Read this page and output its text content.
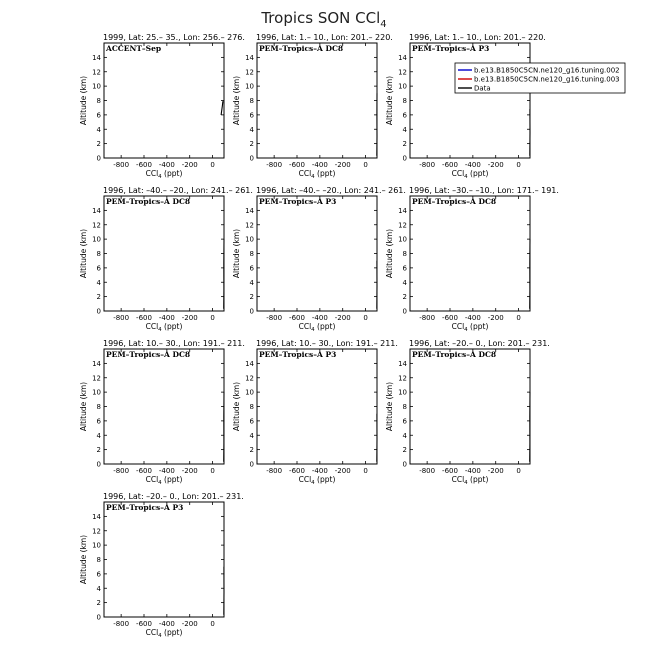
Tropics SON CCl$_4$
1999, Lat: 25.– 35., Lon: 256.– 276.
ACCENT–Sep
-800 -600 -400 -200 0
0
2
4
6
8
10
12
14
CCl$_4$ (ppt)
Altitude (km)
1996, Lat: 1.– 10., Lon: 201.– 220.
PEM–Tropics–A DC8
-800 -600 -400 -200 0
0
2
4
6
8
10
12
14
CCl$_4$ (ppt)
Altitude (km)
1996, Lat: 1.– 10., Lon: 201.– 220.
PEM–Tropics–A P3
-800 -600 -400 -200 0
0
2
4
6
8
10
12
14
CCl$_4$ (ppt)
Altitude (km)
1996, Lat: –40.– –20., Lon: 241.– 261.
PEM–Tropics–A DC8
-800 -600 -400 -200 0
0
2
4
6
8
10
12
14
CCl$_4$ (ppt)
Altitude (km)
1996, Lat: –40.– –20., Lon: 241.– 261.
PEM–Tropics–A P3
-800 -600 -400 -200 0
0
2
4
6
8
10
12
14
CCl$_4$ (ppt)
Altitude (km)
1996, Lat: –30.– –10., Lon: 171.– 191.
PEM–Tropics–A DC8
-800 -600 -400 -200 0
0
2
4
6
8
10
12
14
CCl$_4$ (ppt)
Altitude (km)
1996, Lat: 10.– 30., Lon: 191.– 211.
PEM–Tropics–A DC8
-800 -600 -400 -200 0
0
2
4
6
8
10
12
14
CCl$_4$ (ppt)
Altitude (km)
1996, Lat: 10.– 30., Lon: 191.– 211.
PEM–Tropics–A P3
-800 -600 -400 -200 0
0
2
4
6
8
10
12
14
CCl$_4$ (ppt)
Altitude (km)
1996, Lat: –20.– 0., Lon: 201.– 231.
PEM–Tropics–A DC8
-800 -600 -400 -200 0
0
2
4
6
8
10
12
14
CCl$_4$ (ppt)
Altitude (km)
1996, Lat: –20.– 0., Lon: 201.– 231.
PEM–Tropics–A P3
-800 -600 -400 -200 0
0
2
4
6
8
10
12
14
CCl$_4$ (ppt)
Altitude (km)
b.e13.B1850C5CN.ne120_g16.tuning.002
b.e13.B1850C5CN.ne120_g16.tuning.003
Data
